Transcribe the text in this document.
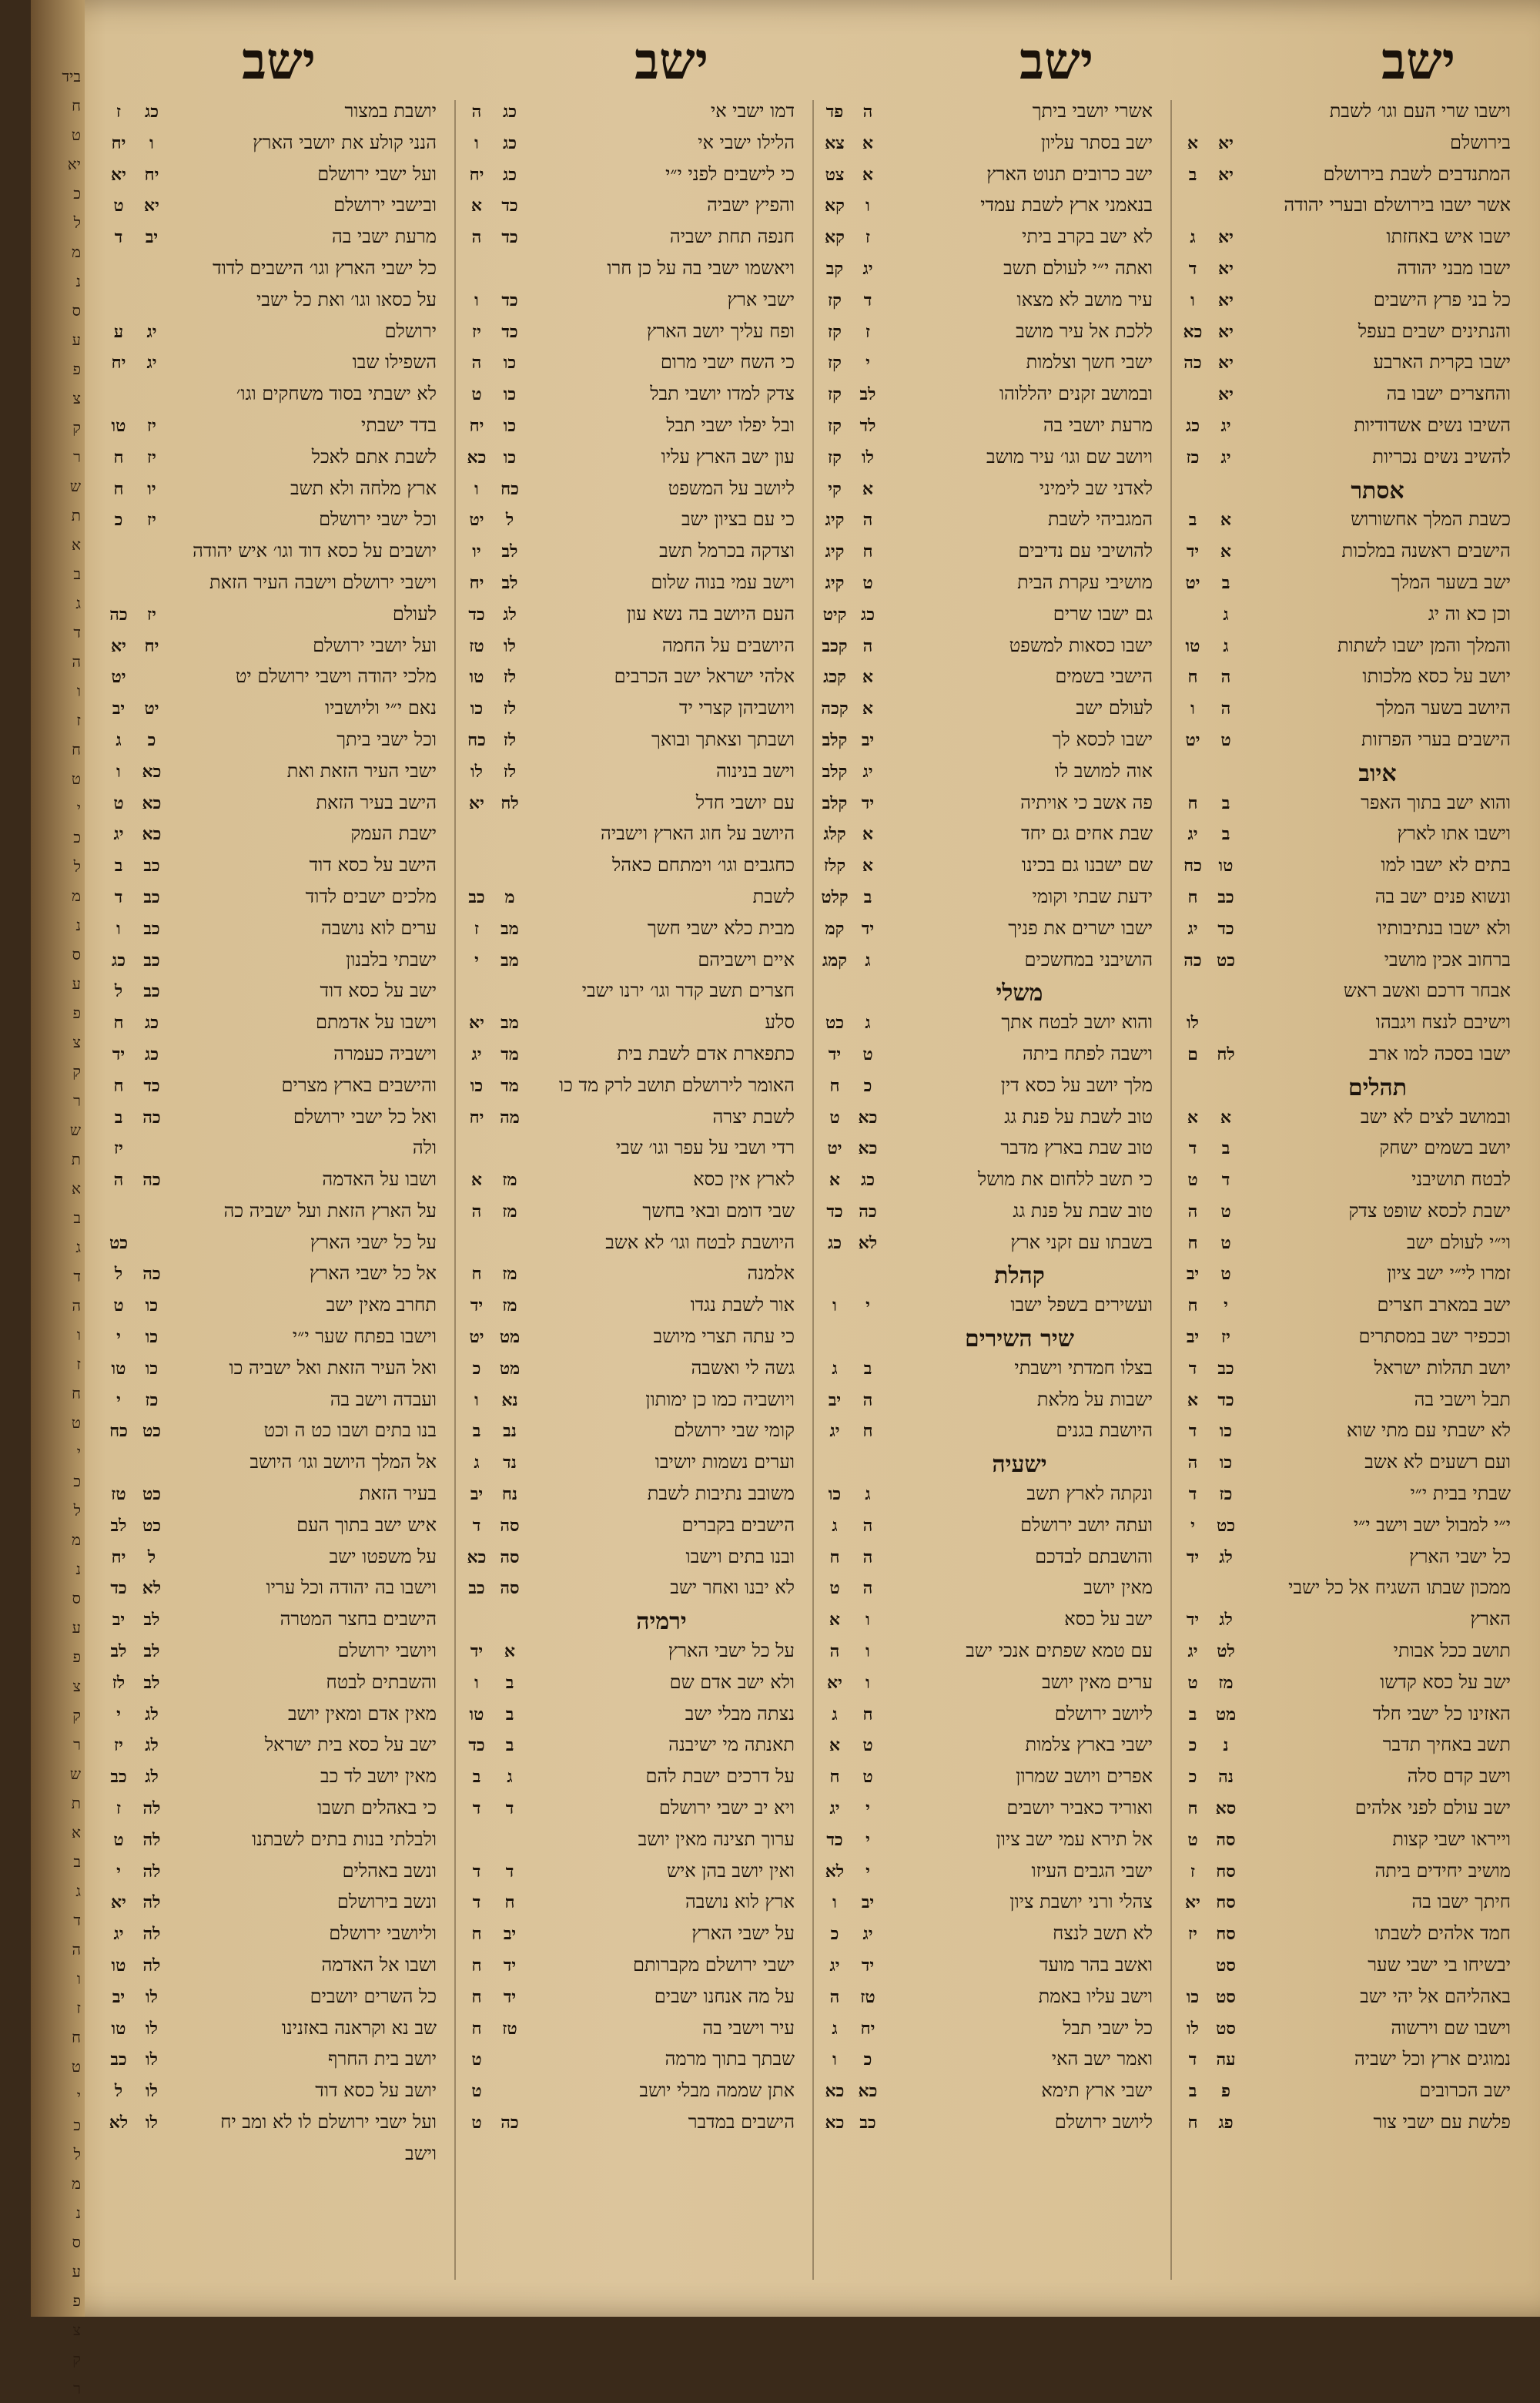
ביד
ח
ט
יא
כ
ל
מ
נ
ס
ע
פ
צ
ק
ר
ש
ת
א
ב
ג
ד
ה
ו
ז
ח
ט
י
כ
ל
מ
נ
ס
ע
פ
צ
ק
ר
ש
ת
א
ב
ג
ד
ה
ו
ז
ח
ט
י
כ
ל
מ
נ
ס
ע
פ
צ
ק
ר
ש
ת
א
ב
ג
ד
ה
ו
ז
ח
ט
י
כ
ל
מ
נ
ס
ע
פ
צ
ק
ר
ישב
ישב
ישב
ישב
וישבו שרי העם וגו׳ לשבת
בירושלם
יא
א
המתנדבים לשבת בירושלם
יא
ב
אשר ישבו בירושלם ובערי יהודה
ישבו איש באחזתו
יא
ג
ישבו מבני יהודה
יא
ד
כל בני פרץ הישבים
יא
ו
והנתינים ישבים בעפל
יא
כא
ישבו בקרית הארבע
יא
כה
והחצרים ישבו בה
יא
השיבו נשים אשדודיות
יג
כג
להשיב נשים נכריות
יג
כז
אסתר
כשבת המלך אחשורוש
א
ב
הישבים ראשנה במלכות
א
יד
ישב בשער המלך
ב
יט
וכן כא וה יג
ג
והמלך והמן ישבו לשתות
ג
טו
יושב על כסא מלכותו
ה
ח
היושב בשער המלך
ה
ו
הישבים בערי הפרזות
ט
יט
איוב
והוא ישב בתוך האפר
ב
ח
וישבו אתו לארץ
ב
יג
בתים לא ישבו למו
טו
כח
ונשוא פנים ישב בה
כב
ח
ולא ישבו בנתיבותיו
כד
יג
ברחוב אכין מושבי
כט
כה
אבחר דרכם ואשב ראש
וישיבם לנצח ויגבהו
לו
ישבו בסכה למו ארב
לח
ם
תהלים
ובמושב לצים לא ישב
א
א
יושב בשמים ישחק
ב
ד
לבטח תושיבני
ד
ט
ישבת לכסא שופט צדק
ט
ה
וי״י לעולם ישב
ט
ח
זמרו לי״י ישב ציון
ט
יב
ישב במארב חצרים
י
ח
וככפיר ישב במסתרים
יז
יב
יושב תהלות ישראל
כב
ד
תבל וישבי בה
כד
א
לא ישבתי עם מתי שוא
כו
ד
ועם רשעים לא אשב
כו
ה
שבתי בבית י״י
כז
ד
י״י למבול ישב וישב י״י
כט
י
כל ישבי הארץ
לג
יד
ממכון שבתו השגיח אל כל ישבי
הארץ
לג
יד
תושב ככל אבותי
לט
יג
ישב על כסא קדשו
מז
ט
האזינו כל ישבי חלד
מט
ב
תשב באחיך תדבר
נ
כ
וישב קדם סלה
נה
כ
ישב עולם לפני אלהים
סא
ח
וייראו ישבי קצות
סה
ט
מושיב יחידים ביתה
סח
ז
חיתך ישבו בה
סח
יא
חמד אלהים לשבתו
סח
יז
יבשיחו בי ישבי שער
סט
באהליהם אל יהי ישב
סט
כו
וישבו שם וירשוה
סט
לו
נמוגים ארץ וכל ישביה
עה
ד
ישב הכרובים
פ
ב
פלשת עם ישבי צור
פג
ח
אשרי יושבי ביתך
ה
פד
ישב בסתר עליון
א
צא
ישב כרובים תנוט הארץ
א
צט
בנאמני ארץ לשבת עמדי
ו
קא
לא ישב בקרב ביתי
ז
קא
ואתה י״י לעולם תשב
יג
קב
עיר מושב לא מצאו
ד
קז
ללכת אל עיר מושב
ז
קז
ישבי חשך וצלמות
י
קז
ובמושב זקנים יהללוהו
לב
קז
מרעת יושבי בה
לד
קז
ויושב שם וגו׳ עיר מושב
לו
קז
לאדני שב לימיני
א
קי
המגביהי לשבת
ה
קיג
להושיבי עם נדיבים
ח
קיג
מושיבי עקרת הבית
ט
קיג
גם ישבו שרים
כג
קיט
ישבו כסאות למשפט
ה
קכב
הישבי בשמים
א
קכג
לעולם ישב
א
קכה
ישבו לכסא לך
יב
קלב
אוה למושב לו
יג
קלב
פה אשב כי אויתיה
יד
קלב
שבת אחים גם יחד
א
קלג
שם ישבנו גם בכינו
א
קלז
ידעת שבתי וקומי
ב
קלט
ישבו ישרים את פניך
יד
קמ
הושיבני במחשכים
ג
קמג
משלי
והוא יושב לבטח אתך
ג
כט
וישבה לפתח ביתה
ט
יד
מלך יושב על כסא דין
כ
ח
טוב לשבת על פנת גג
כא
ט
טוב שבת בארץ מדבר
כא
יט
כי תשב ללחום את מושל
כג
א
טוב שבת על פנת גג
כה
כד
בשבתו עם זקני ארץ
לא
כג
קהלת
ועשירים בשפל ישבו
י
ו
שיר השירים
בצלו חמדתי וישבתי
ב
ג
ישבות על מלאת
ה
יב
היושבת בגנים
ח
יג
ישעיה
ונקתה לארץ תשב
ג
כו
ועתה יושב ירושלם
ה
ג
והושבתם לבדכם
ה
ח
מאין יושב
ה
ט
ישב על כסא
ו
א
עם טמא שפתים אנכי ישב
ו
ה
ערים מאין יושב
ו
יא
ליושב ירושלם
ח
ג
ישבי בארץ צלמות
ט
א
אפרים ויושב שמרון
ט
ח
ואוריד כאביר יושבים
י
יג
אל תירא עמי ישב ציון
י
כד
ישבי הגבים העיזו
י
לא
צהלי ורני יושבת ציון
יב
ו
לא תשב לנצח
יג
כ
ואשב בהר מועד
יד
יג
וישב עליו באמת
טז
ה
כל ישבי תבל
יח
ג
ואמר ישב האי
כ
ו
ישבי ארץ תימא
כא
כא
ליושב ירושלם
כב
כא
דמו ישבי אי
כג
ה
הלילו ישבי אי
כג
ו
כי לישבים לפני י״י
כג
יח
והפיץ ישביה
כד
א
חנפה תחת ישביה
כד
ה
ויאשמו ישבי בה על כן חרו
ישבי ארץ
כד
ו
ופח עליך יושב הארץ
כד
יז
כי השח ישבי מרום
כו
ה
צדק למדו יושבי תבל
כו
ט
ובל יפלו ישבי תבל
כו
יח
עון ישב הארץ עליו
כו
כא
ליושב על המשפט
כח
ו
כי עם בציון ישב
ל
יט
וצדקה בכרמל תשב
לב
יו
וישב עמי בנוה שלום
לב
יח
העם היושב בה נשא עון
לג
כד
היושבים על החמה
לו
טז
אלהי ישראל ישב הכרבים
לז
טו
ויושביהן קצרי יד
לז
כו
ושבתך וצאתך ובואך
לז
כח
וישב בנינוה
לז
לו
עם יושבי חדל
לח
יא
היושב על חוג הארץ וישביה
כחגבים וגו׳ וימתחם כאהל
לשבת
מ
כב
מבית כלא ישבי חשך
מב
ז
איים וישביהם
מב
י
חצרים תשב קדר וגו׳ ירנו ישבי
סלע
מב
יא
כתפארת אדם לשבת בית
מד
יג
האומר לירושלם תושב לרק מד כו
מד
כו
לשבת יצרה
מה
יח
רדי ושבי על עפר וגו׳ שבי
לארץ אין כסא
מז
א
שבי דומם ובאי בחשך
מז
ה
היושבת לבטח וגו׳ לא אשב
אלמנה
מז
ח
אור לשבת נגדו
מז
יד
כי עתה תצרי מיושב
מט
יט
גשה לי ואשבה
מט
כ
ויושביה כמו כן ימותון
נא
ו
קומי שבי ירושלם
נב
ב
וערים נשמות יושיבו
נד
ג
משובב נתיבות לשבת
נח
יב
הישבים בקברים
סה
ד
ובנו בתים וישבו
סה
כא
לא יבנו ואחר ישב
סה
כב
ירמיה
על כל ישבי הארץ
א
יד
ולא ישב אדם שם
ב
ו
נצתה מבלי ישב
ב
טו
תאנתה מי ישיבנה
ב
כד
על דרכים ישבת להם
ג
ב
ויא יב ישבי ירושלם
ד
ד
ערוך תצינה מאין יושב
ואין יושב בהן איש
ד
ד
ארץ לוא נושבה
ח
ד
על ישבי הארץ
יב
ח
ישבי ירושלם מקברותם
יד
ח
על מה אנחנו ישבים
יד
ח
עיר וישבי בה
טז
ח
שבתך בתוך מרמה
ט
אתן שממה מבלי יושב
ט
הישבים במדבר
כה
ט
יושבת במצור
כג
ז
הנני קולע את יושבי הארץ
ו
יח
ועל ישבי ירושלם
יח
יא
ובישבי ירושלם
יא
ט
מרעת ישבי בה
יב
ד
כל ישבי הארץ וגו׳ הישבים לדוד
על כסאו וגו׳ ואת כל ישבי
ירושלם
יג
ע
השפילו שבו
יג
יח
לא ישבתי בסוד משחקים וגו׳
בדד ישבתי
יז
טו
לשבת אתם לאכל
יז
ח
ארץ מלחה ולא תשב
יו
ח
וכל ישבי ירושלם
יז
כ
יושבים על כסא דוד וגו׳ איש יהודה
וישבי ירושלם וישבה העיר הזאת
לעולם
יז
כה
ועל יושבי ירושלם
יח
יא
מלכי יהודה וישבי ירושלם יט
יט
נאם י״י וליושביו
יט
יב
וכל ישבי ביתך
כ
ג
ישבי העיר הזאת ואת
כא
ו
הישב בעיר הזאת
כא
ט
ישבת העמק
כא
יג
הישב על כסא דוד
כב
ב
מלכים ישבים לדוד
כב
ד
ערים לוא נושבה
כב
ו
ישבתי בלבנון
כב
כג
ישב על כסא דוד
כב
ל
וישבו על אדמתם
כג
ח
וישביה כעמרה
כג
יד
והישבים בארץ מצרים
כד
ח
ואל כל ישבי ירושלם
כה
ב
ולה
יז
ושבו על האדמה
כה
ה
על הארץ הזאת ועל ישביה כה
על כל ישבי הארץ
כט
אל כל ישבי הארץ
כה
ל
תחרב מאין ישב
כו
ט
וישבו בפתח שער י״י
כו
י
ואל העיר הזאת ואל ישביה כו
כו
טו
ועבדה וישב בה
כז
י
בנו בתים ושבו כט ה וכט
כט
כח
אל המלך היושב וגו׳ היושב
בעיר הזאת
כט
טז
איש ישב בתוך העם
כט
לב
על משפטו ישב
ל
יח
וישבו בה יהודה וכל עריו
לא
כד
הישבים בחצר המטרה
לב
יב
ויושבי ירושלם
לב
לב
והשבתים לבטח
לב
לז
מאין אדם ומאין יושב
לג
י
ישב על כסא בית ישראל
לג
יז
מאין יושב לד כב
לג
כב
כי באהלים תשבו
לה
ז
ולבלתי בנות בתים לשבתנו
לה
ט
ונשב באהלים
לה
י
ונשב בירושלם
לה
יא
וליושבי ירושלם
לה
יג
ושבו אל האדמה
לה
טו
כל השרים יושבים
לו
יב
שב נא וקראנה באזנינו
לו
טו
יושב בית החרף
לו
כב
יושב על כסא דוד
לו
ל
ועל ישבי ירושלם לו לא ומב יח
לו
לא
וישב
